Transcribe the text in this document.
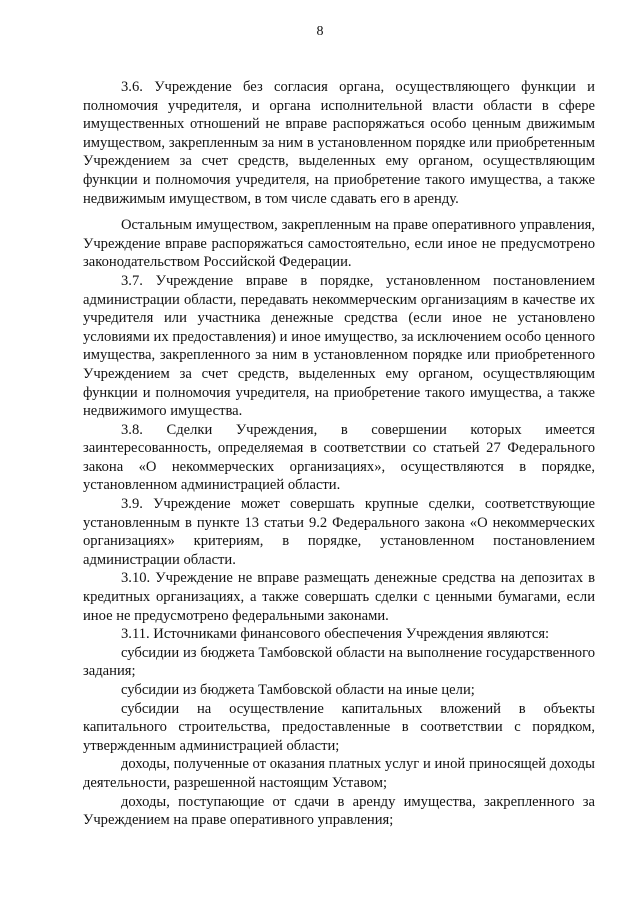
8

3.6. Учреждение без согласия органа, осуществляющего функции и полномочия учредителя, и органа исполнительной власти области в сфере имущественных отношений не вправе распоряжаться особо ценным движимым имуществом, закрепленным за ним в установленном порядке или приобретенным Учреждением за счет средств, выделенных ему органом, осуществляющим функции и полномочия учредителя, на приобретение такого имущества, а также недвижимым имуществом, в том числе сдавать его в аренду.

Остальным имуществом, закрепленным на праве оперативного управления, Учреждение вправе распоряжаться самостоятельно, если иное не предусмотрено законодательством Российской Федерации.

3.7. Учреждение вправе в порядке, установленном постановлением администрации области, передавать некоммерческим организациям в качестве их учредителя или участника денежные средства (если иное не установлено условиями их предоставления) и иное имущество, за исключением особо ценного имущества, закрепленного за ним в установленном порядке или приобретенного Учреждением за счет средств, выделенных ему органом, осуществляющим функции и полномочия учредителя, на приобретение такого имущества, а также недвижимого имущества.

3.8. Сделки Учреждения, в совершении которых имеется заинтересованность, определяемая в соответствии со статьей 27 Федерального закона «О некоммерческих организациях», осуществляются в порядке, установленном администрацией области.

3.9. Учреждение может совершать крупные сделки, соответствующие установленным в пункте 13 статьи 9.2 Федерального закона «О некоммерческих организациях» критериям, в порядке, установленном постановлением администрации области.

3.10. Учреждение не вправе размещать денежные средства на депозитах в кредитных организациях, а также совершать сделки с ценными бумагами, если иное не предусмотрено федеральными законами.

3.11. Источниками финансового обеспечения Учреждения являются:

субсидии из бюджета Тамбовской области на выполнение государственного задания;

субсидии из бюджета Тамбовской области на иные цели;

субсидии на осуществление капитальных вложений в объекты капитального строительства, предоставленные в соответствии с порядком, утвержденным администрацией области;

доходы, полученные от оказания платных услуг и иной приносящей доходы деятельности, разрешенной настоящим Уставом;

доходы, поступающие от сдачи в аренду имущества, закрепленного за Учреждением на праве оперативного управления;
